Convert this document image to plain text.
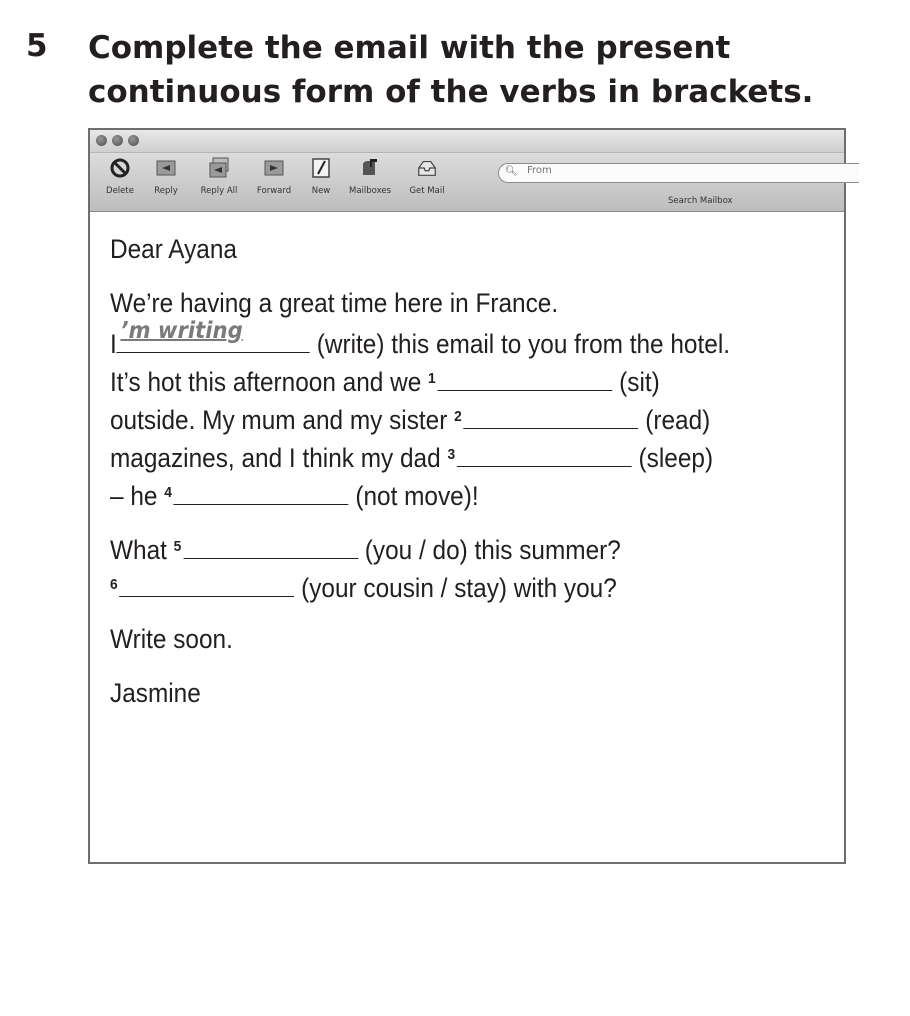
5 Complete the email with the present
continuous form of the verbs in brackets.
Delete	Reply	Reply All	Forward	New	Mailboxes	Get Mail
🔍︎
From
Search Mailbox
Dear Ayana
We’re having a great time here in France.
I ’m writing	(write) this email to you from the hotel.
It’s hot this afternoon and we $^1$	(sit)
outside. My mum and my sister $^2$	(read)
magazines, and I think my dad $^3$	(sleep)
– he $^4$	(not move)!
What $^5$	(you / do) this summer?
$^6$	(your cousin / stay) with you?
Write soon.
Jasmine
